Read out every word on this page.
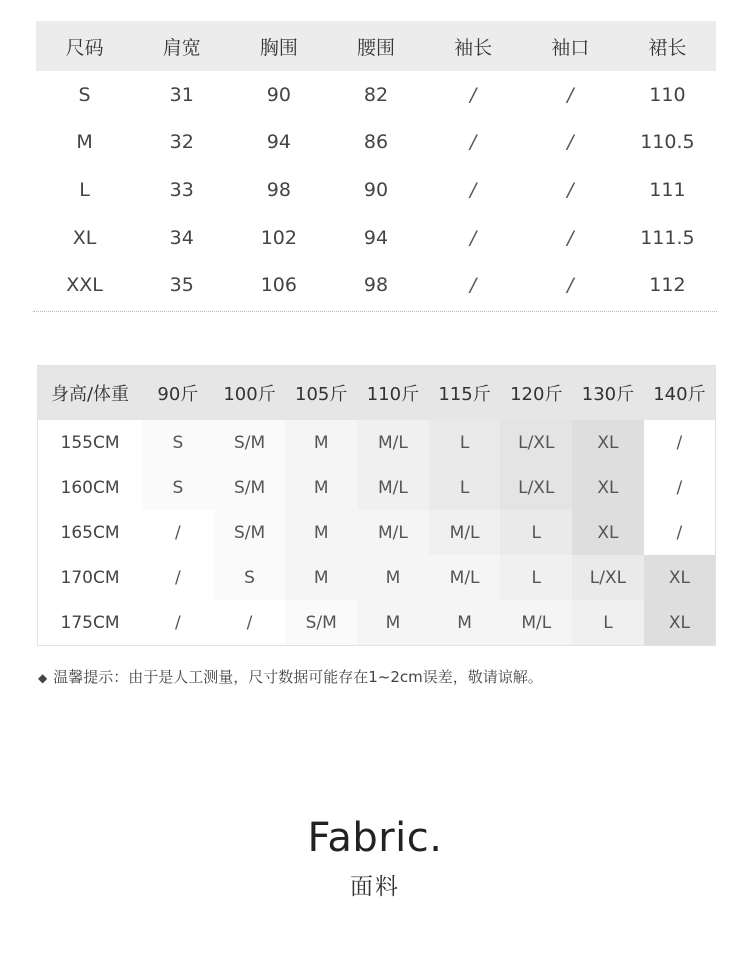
尺码	肩宽	胸围	腰围	袖长	袖口	裙长
S	31	90	82	/	/	110
M	32	94	86	/	/	110.5
L	33	98	90	/	/	111
XL	34	102	94	/	/	111.5
XXL	35	106	98	/	/	112
身高/体重	90斤	100斤	105斤	110斤	115斤	120斤	130斤	140斤
155CM	S	S/M	M	M/L	L	L/XL	XL	/
160CM	S	S/M	M	M/L	L	L/XL	XL	/
165CM	/	S/M	M	M/L	M/L	L	XL	/
170CM	/	S	M	M	M/L	L	L/XL	XL
175CM	/	/	S/M	M	M	M/L	L	XL
◆ 温馨提示：由于是人工测量，尺寸数据可能存在1~2cm误差，敬请谅解。
Fabric.
面料
